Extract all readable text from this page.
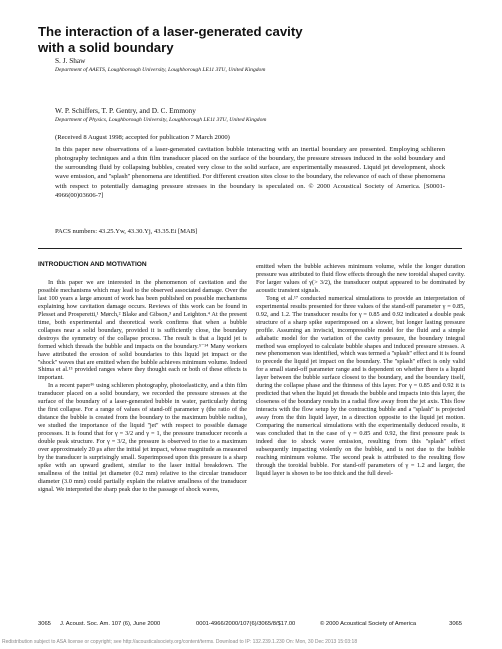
The interaction of a laser-generated cavity
with a solid boundary
S. J. Shaw
Department of AAETS, Loughborough University, Loughborough LE11 3TU, United Kingdom
W. P. Schiffers, T. P. Gentry, and D. C. Emmony
Department of Physics, Loughborough University, Loughborough LE11 3TU, United Kingdom
(Received 8 August 1998; accepted for publication 7 March 2000)

In this paper new observations of a laser-generated cavitation bubble interacting with an inertial boundary are presented. Employing schlieren photography techniques and a thin film transducer placed on the surface of the boundary, the pressure stresses induced in the solid boundary and the surrounding fluid by collapsing bubbles, created very close to the solid surface, are experimentally measured. Liquid jet development, shock wave emission, and ''splash'' phenomena are identified. For different creation sites close to the boundary, the relevance of each of these phenomena with respect to potentially damaging pressure stresses in the boundary is speculated on. © 2000 Acoustical Society of America. [S0001-4966(00)03606-7]

PACS numbers: 43.25.Yw, 43.30.Yj, 43.35.Ei [MAB]
INTRODUCTION AND MOTIVATION

In this paper we are interested in the phenomenon of cavitation and the possible mechanisms which may lead to the observed associated damage. Over the last 100 years a large amount of work has been published on possible mechanisms explaining how cavitation damage occurs. Reviews of this work can be found in Plesset and Prosperetti,¹ Mørch,² Blake and Gibson,³ and Leighton.⁴ At the present time, both experimental and theoretical work confirms that when a bubble collapses near a solid boundary, provided it is sufficiently close, the boundary destroys the symmetry of the collapse process. The result is that a liquid jet is formed which threads the bubble and impacts on the boundary.⁵⁻¹⁴ Many workers have attributed the erosion of solid boundaries to this liquid jet impact or the ''shock'' waves that are emitted when the bubble achieves minimum volume. Indeed Shima et al.¹⁵ provided ranges where they thought each or both of these effects is important.

In a recent paper¹⁶ using schlieren photography, photoelasticity, and a thin film transducer placed on a solid boundary, we recorded the pressure stresses at the surface of the boundary of a laser-generated bubble in water, particularly during the first collapse. For a range of values of stand-off parameter γ (the ratio of the distance the bubble is created from the boundary to the maximum bubble radius), we studied the importance of the liquid ''jet'' with respect to possible damage processes. It is found that for γ = 3/2 and γ = 1, the pressure transducer records a double peak structure. For γ = 3/2, the pressure is observed to rise to a maximum over approximately 20 μs after the initial jet impact, whose magnitude as measured by the transducer is surprisingly small. Superimposed upon this pressure is a sharp spike with an upward gradient, similar to the laser initial breakdown. The smallness of the initial jet diameter (0.2 mm) relative to the circular transducer diameter (3.0 mm) could partially explain the relative smallness of the transducer signal. We interpreted the sharp peak due to the passage of shock waves,

emitted when the bubble achieves minimum volume, while the longer duration pressure was attributed to fluid flow effects through the new toroidal shaped cavity. For larger values of γ(> 3/2), the transducer output appeared to be dominated by acoustic transient signals.

Tong et al.¹⁷ conducted numerical simulations to provide an interpretation of experimental results presented for three values of the stand-off parameter γ = 0.85, 0.92, and 1.2. The transducer results for γ = 0.85 and 0.92 indicated a double peak structure of a sharp spike superimposed on a slower, but longer lasting pressure profile. Assuming an inviscid, incompressible model for the fluid and a simple adiabatic model for the variation of the cavity pressure, the boundary integral method was employed to calculate bubble shapes and induced pressure stresses. A new phenomenon was identified, which was termed a ''splash'' effect and it is found to precede the liquid jet impact on the boundary. The ''splash'' effect is only valid for a small stand-off parameter range and is dependent on whether there is a liquid layer between the bubble surface closest to the boundary, and the boundary itself, during the collapse phase and the thinness of this layer. For γ = 0.85 and 0.92 it is predicted that when the liquid jet threads the bubble and impacts into this layer, the closeness of the boundary results in a radial flow away from the jet axis. This flow interacts with the flow setup by the contracting bubble and a ''splash'' is projected away from the thin liquid layer, in a direction opposite to the liquid jet motion. Comparing the numerical simulations with the experimentally deduced results, it was concluded that in the case of γ = 0.85 and 0.92, the first pressure peak is indeed due to shock wave emission, resulting from this ''splash'' effect subsequently impacting violently on the bubble, and is not due to the bubble reaching minimum volume. The second peak is attributed to the resulting flow through the toroidal bubble. For stand-off parameters of γ = 1.2 and larger, the liquid layer is shown to be too thick and the full devel-

3065 J. Acoust. Soc. Am. 107 (6), June 2000	0001-4966/2000/107(6)/3065/8/$17.00	© 2000 Acoustical Society of America	3065
Redistribution subject to ASA license or copyright; see http://acousticalsociety.org/content/terms. Download to IP: 132.239.1.230 On: Mon, 30 Dec 2013 15:03:18
